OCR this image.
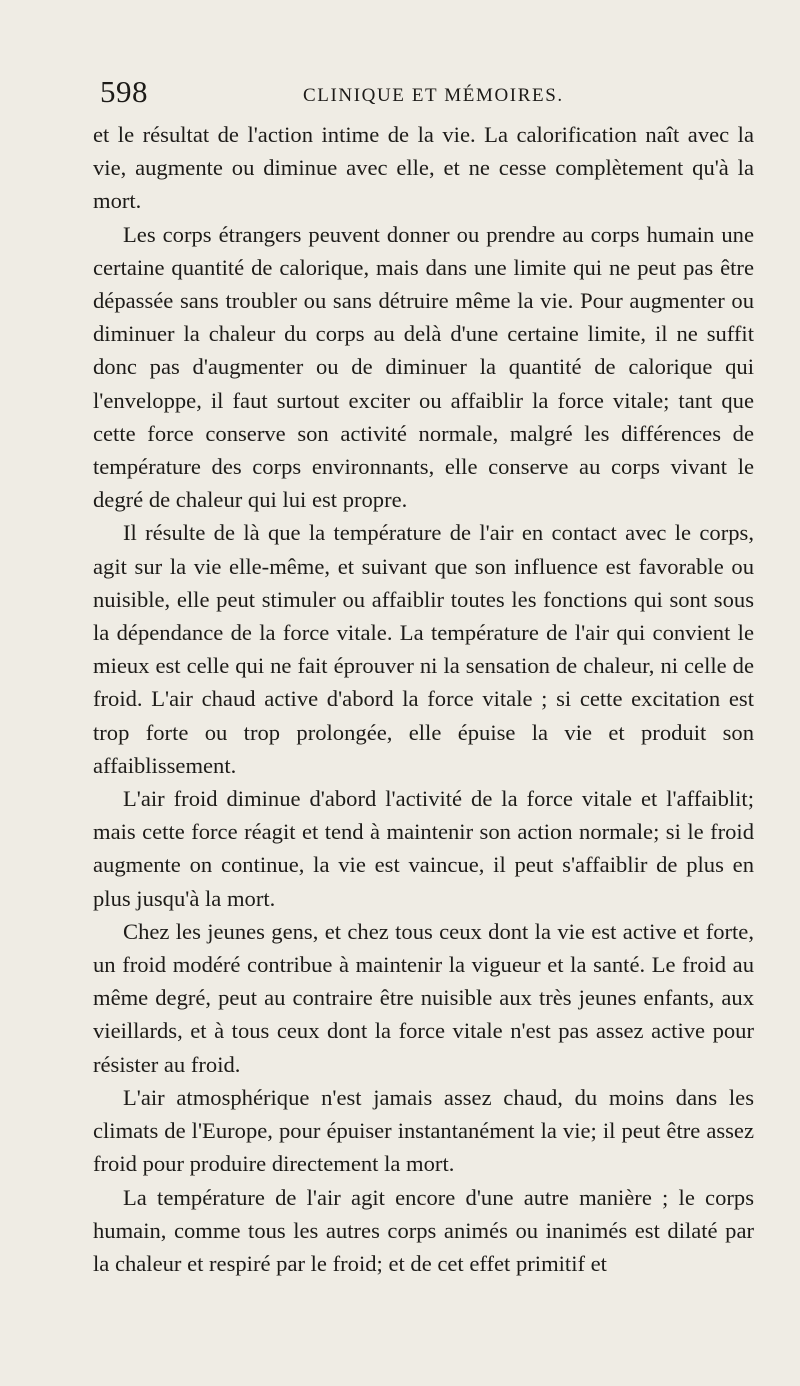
598	CLINIQUE ET MÉMOIRES.

et le résultat de l'action intime de la vie. La calorification naît avec la vie, augmente ou diminue avec elle, et ne cesse complètement qu'à la mort.

Les corps étrangers peuvent donner ou prendre au corps humain une certaine quantité de calorique, mais dans une limite qui ne peut pas être dépassée sans troubler ou sans détruire même la vie. Pour augmenter ou diminuer la chaleur du corps au delà d'une certaine limite, il ne suffit donc pas d'augmenter ou de diminuer la quantité de calorique qui l'enveloppe, il faut surtout exciter ou affaiblir la force vitale; tant que cette force conserve son activité normale, malgré les différences de température des corps environnants, elle conserve au corps vivant le degré de chaleur qui lui est propre.

Il résulte de là que la température de l'air en contact avec le corps, agit sur la vie elle-même, et suivant que son influence est favorable ou nuisible, elle peut stimuler ou affaiblir toutes les fonctions qui sont sous la dépendance de la force vitale. La température de l'air qui convient le mieux est celle qui ne fait éprouver ni la sensation de chaleur, ni celle de froid. L'air chaud active d'abord la force vitale ; si cette excitation est trop forte ou trop prolongée, elle épuise la vie et produit son affaiblissement.

L'air froid diminue d'abord l'activité de la force vitale et l'affaiblit; mais cette force réagit et tend à maintenir son action normale; si le froid augmente on continue, la vie est vaincue, il peut s'affaiblir de plus en plus jusqu'à la mort.

Chez les jeunes gens, et chez tous ceux dont la vie est active et forte, un froid modéré contribue à maintenir la vigueur et la santé. Le froid au même degré, peut au contraire être nuisible aux très jeunes enfants, aux vieillards, et à tous ceux dont la force vitale n'est pas assez active pour résister au froid.

L'air atmosphérique n'est jamais assez chaud, du moins dans les climats de l'Europe, pour épuiser instantanément la vie; il peut être assez froid pour produire directement la mort.

La température de l'air agit encore d'une autre manière ; le corps humain, comme tous les autres corps animés ou inanimés est dilaté par la chaleur et respiré par le froid; et de cet effet primitif et
